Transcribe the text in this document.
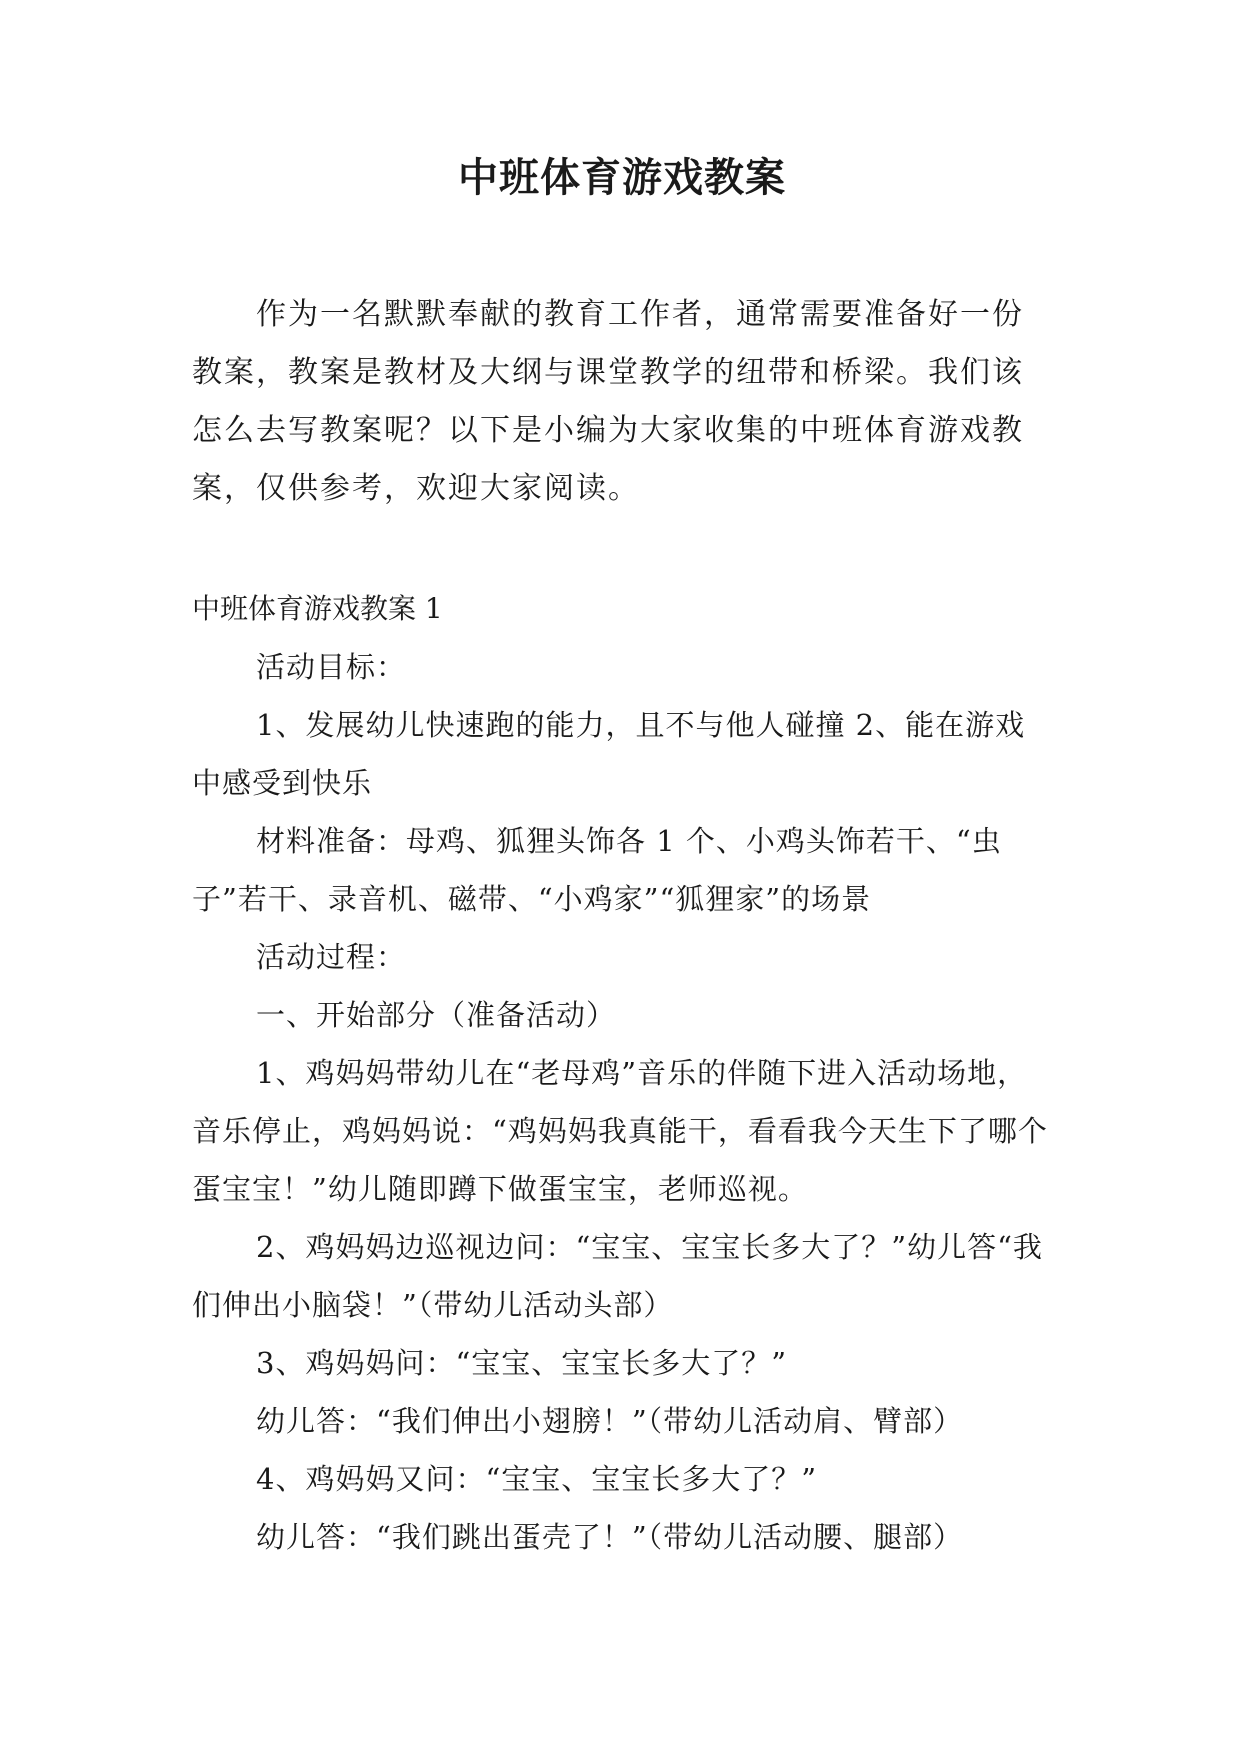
中班体育游戏教案

作为一名默默奉献的教育工作者，通常需要准备好一份教案，教案是教材及大纲与课堂教学的纽带和桥梁。我们该怎么去写教案呢？以下是小编为大家收集的中班体育游戏教案，仅供参考，欢迎大家阅读。

中班体育游戏教案 1

活动目标：

1、发展幼儿快速跑的能力，且不与他人碰撞 2、能在游戏中感受到快乐

材料准备：母鸡、狐狸头饰各 1 个、小鸡头饰若干、“虫子”若干、录音机、磁带、“小鸡家”“狐狸家”的场景

活动过程：

一、开始部分（准备活动）

1、鸡妈妈带幼儿在“老母鸡”音乐的伴随下进入活动场地，音乐停止，鸡妈妈说：“鸡妈妈我真能干，看看我今天生下了哪个蛋宝宝！”幼儿随即蹲下做蛋宝宝，老师巡视。

2、鸡妈妈边巡视边问：“宝宝、宝宝长多大了？”幼儿答“我们伸出小脑袋！”（带幼儿活动头部）

3、鸡妈妈问：“宝宝、宝宝长多大了？”

幼儿答：“我们伸出小翅膀！”（带幼儿活动肩、臂部）

4、鸡妈妈又问：“宝宝、宝宝长多大了？”

幼儿答：“我们跳出蛋壳了！”（带幼儿活动腰、腿部）
